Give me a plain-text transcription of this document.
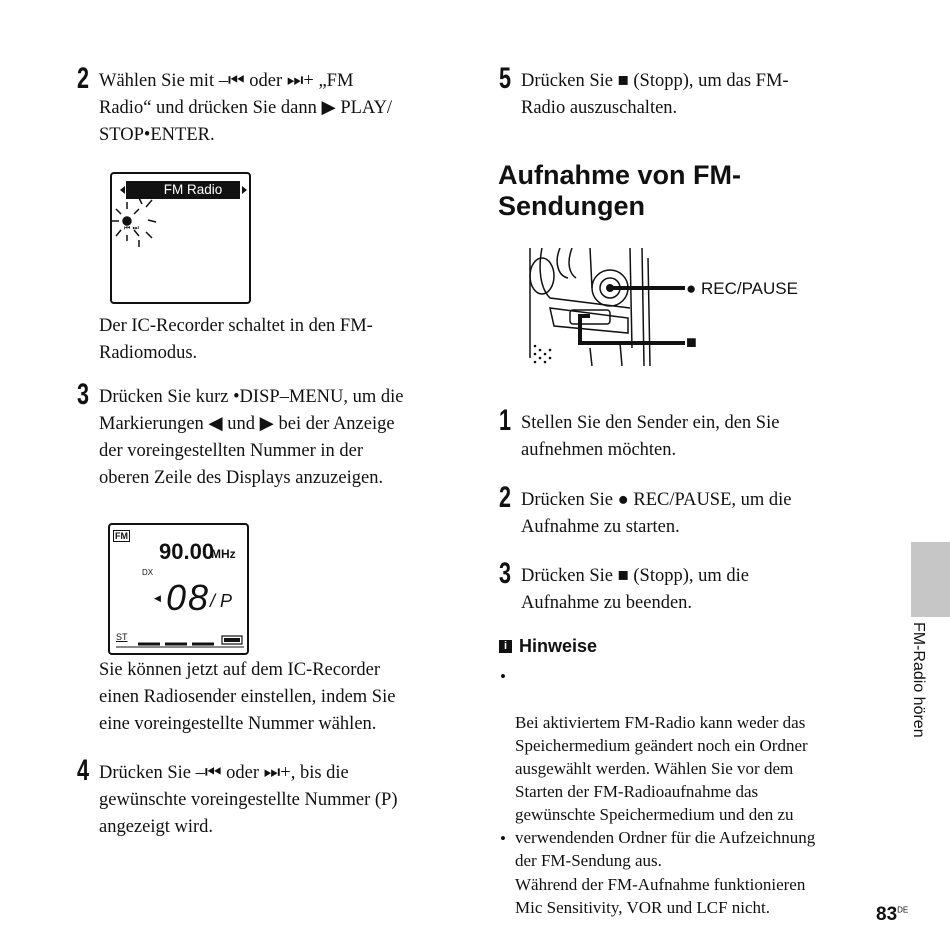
2 Wählen Sie mit –⏮ oder ⏭+ „FM
Radio“ und drücken Sie dann ▶ PLAY/
STOP•ENTER.
⏮ ⏭
FM Radio
Der IC-Recorder schaltet in den FM-
Radiomodus.
3 Drücken Sie kurz •DISP–MENU, um die
Markierungen ◀ und ▶ bei der Anzeige
der voreingestellten Nummer in der
oberen Zeile des Displays anzuzeigen.
FM
90.00
MHz
DX
◀ 08 / P
ST
Sie können jetzt auf dem IC-Recorder
einen Radiosender einstellen, indem Sie
eine voreingestellte Nummer wählen.
4 Drücken Sie –⏮ oder ⏭+, bis die
gewünschte voreingestellte Nummer (P)
angezeigt wird.
5 Drücken Sie ■ (Stopp), um das FM-
Radio auszuschalten.
Aufnahme von FM-
Sendungen
● REC/PAUSE
■
1 Stellen Sie den Sender ein, den Sie
aufnehmen möchten.
2 Drücken Sie ● REC/PAUSE, um die
Aufnahme zu starten.
3 Drücken Sie ■ (Stopp), um die
Aufnahme zu beenden.
i Hinweise

•

Bei aktiviertem FM-Radio kann weder das
Speichermedium geändert noch ein Ordner
ausgewählt werden. Wählen Sie vor dem
Starten der FM-Radioaufnahme das
gewünschte Speichermedium und den zu
verwendenden Ordner für die Aufzeichnung
der FM-Sendung aus.

•

Während der FM-Aufnahme funktionieren
Mic Sensitivity, VOR und LCF nicht.

FM-Radio hören
83DE
